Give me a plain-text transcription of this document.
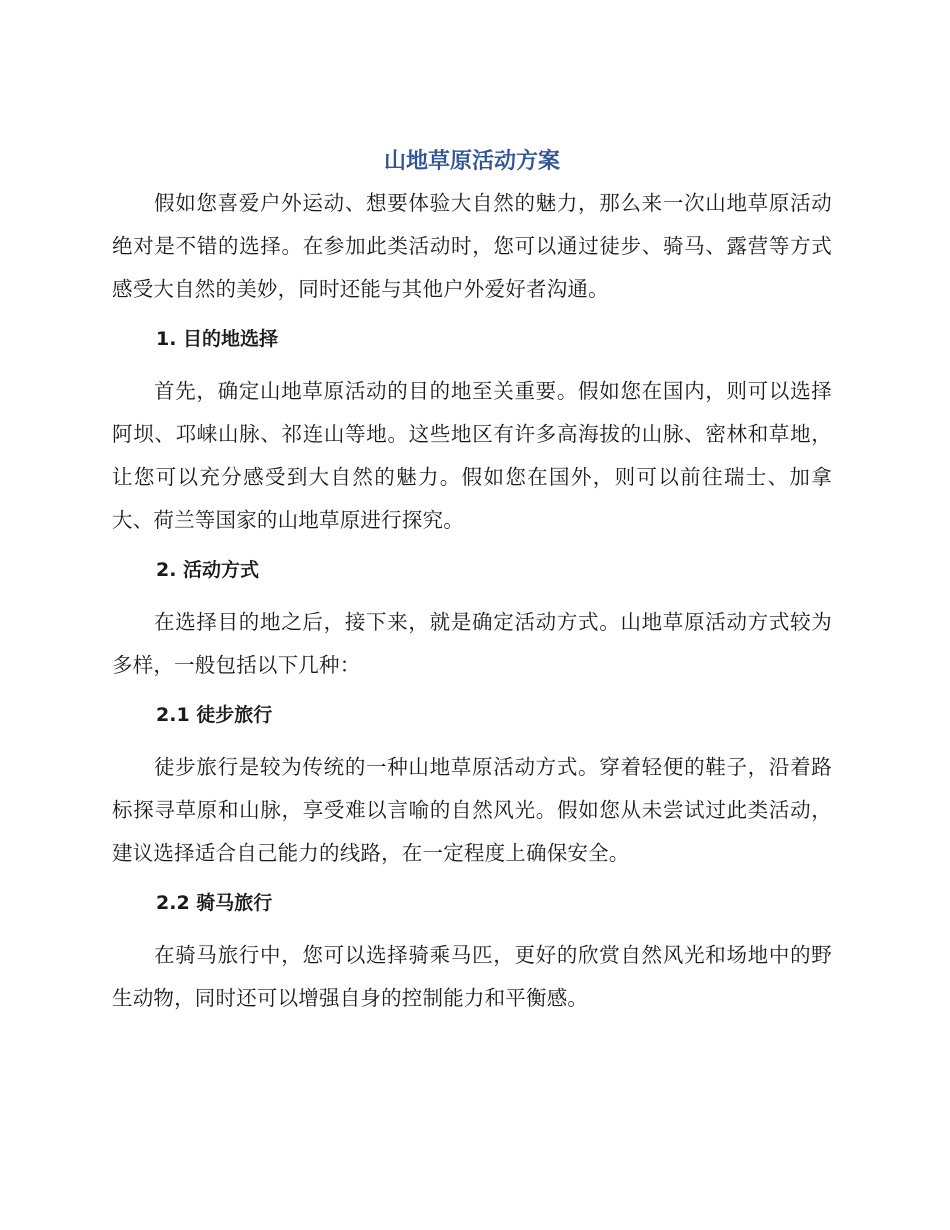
山地草原活动方案

假如您喜爱户外运动、想要体验大自然的魅力，那么来一次山地草原活动绝对是不错的选择。在参加此类活动时，您可以通过徒步、骑马、露营等方式感受大自然的美妙，同时还能与其他户外爱好者沟通。

1. 目的地选择

首先，确定山地草原活动的目的地至关重要。假如您在国内，则可以选择阿坝、邛崃山脉、祁连山等地。这些地区有许多高海拔的山脉、密林和草地，让您可以充分感受到大自然的魅力。假如您在国外，则可以前往瑞士、加拿大、荷兰等国家的山地草原进行探究。

2. 活动方式

在选择目的地之后，接下来，就是确定活动方式。山地草原活动方式较为多样，一般包括以下几种：

2.1 徒步旅行

徒步旅行是较为传统的一种山地草原活动方式。穿着轻便的鞋子，沿着路标探寻草原和山脉，享受难以言喻的自然风光。假如您从未尝试过此类活动，建议选择适合自己能力的线路，在一定程度上确保安全。

2.2 骑马旅行

在骑马旅行中，您可以选择骑乘马匹，更好的欣赏自然风光和场地中的野生动物，同时还可以增强自身的控制能力和平衡感。
